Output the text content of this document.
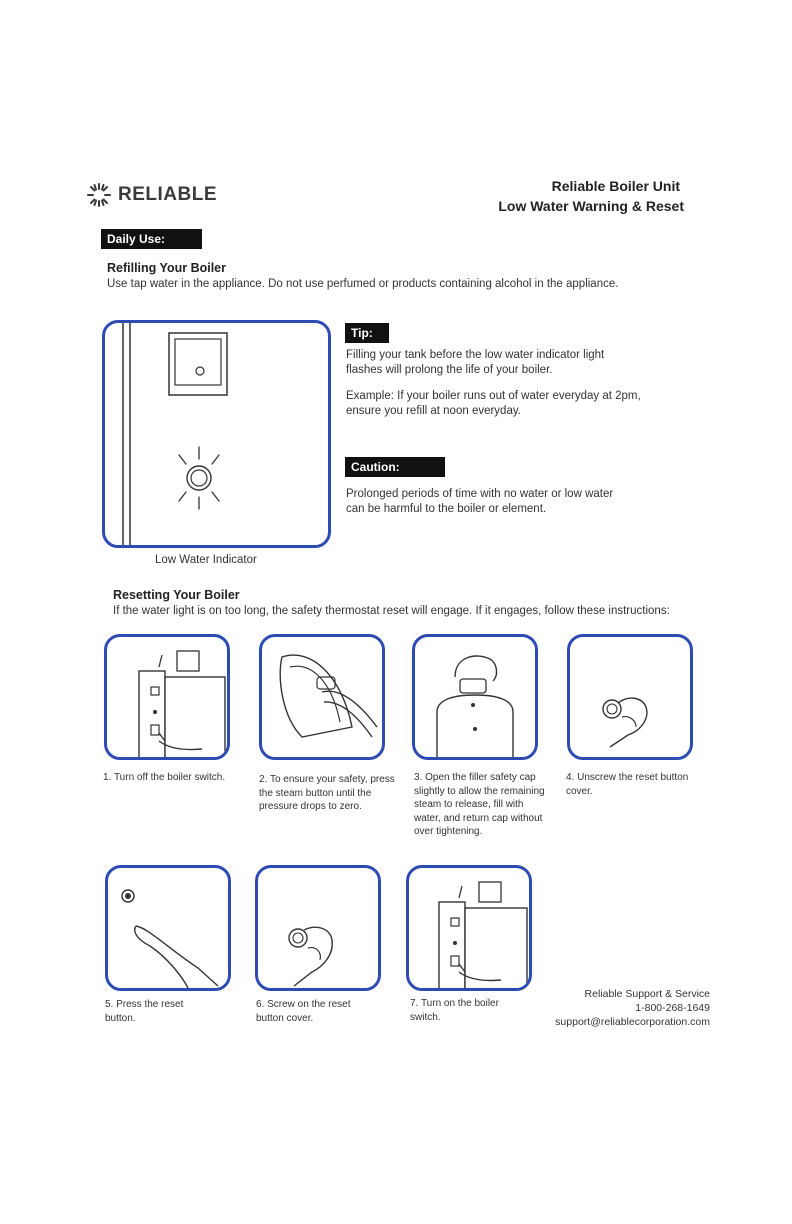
RELIABLE	Reliable Boiler Unit
Low Water Warning & Reset
Daily Use:
Refilling Your Boiler
Use tap water in the appliance. Do not use perfumed or products containing alcohol in the appliance.
Low Water Indicator
Tip:
Filling your tank before the low water indicator light flashes will prolong the life of your boiler.
Example: If your boiler runs out of water everyday at 2pm, ensure you refill at noon everyday.
Caution:
Prolonged periods of time with no water or low water can be harmful to the boiler or element.
Resetting Your Boiler
If the water light is on too long, the safety thermostat reset will engage. If it engages, follow these instructions:
1. Turn off the boiler switch.	2. To ensure your safety, press the steam button until the pressure drops to zero.
3. Open the filler safety cap slightly to allow the remaining steam to release, fill with water, and return cap without over tightening.
4. Unscrew the reset button cover.
5. Press the reset button.
6. Screw on the reset button cover.
7. Turn on the boiler switch.
Reliable Support & Service
1-800-268-1649
support@reliablecorporation.com
